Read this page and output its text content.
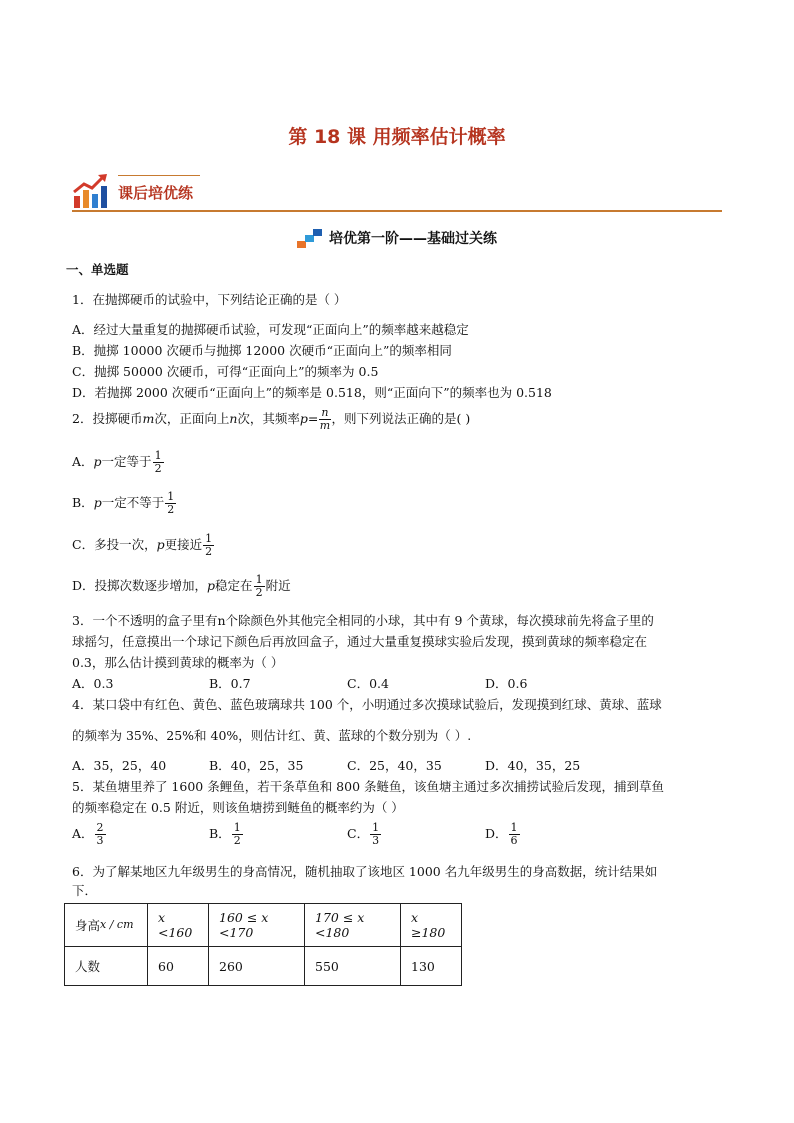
第 18 课 用频率估计概率
课后培优练
培优第一阶——基础过关练
一、单选题
1．在抛掷硬币的试验中，下列结论正确的是（ ）
A．经过大量重复的抛掷硬币试验，可发现“正面向上”的频率越来越稳定
B．抛掷 10000 次硬币与抛掷 12000 次硬币“正面向上”的频率相同
C．抛掷 50000 次硬币，可得“正面向上”的频率为 0.5
D．若抛掷 2000 次硬币“正面向上”的频率是 0.518，则“正面向下”的频率也为 0.518
2．投掷硬币m次，正面向上n次，其频率$p= \frac{n}{m}$ ，则下列说法正确的是( )
A．p一定等于 $\frac{1}{2}$
B．p一定不等于 $\frac{1}{2}$
C．多投一次，p更接近 $\frac{1}{2}$
D．投掷次数逐步增加，p稳定在 $\frac{1}{2}$ 附近
3．一个不透明的盒子里有n个除颜色外其他完全相同的小球，其中有 9 个黄球，每次摸球前先将盒子里的
球摇匀，任意摸出一个球记下颜色后再放回盒子，通过大量重复摸球实验后发现，摸到黄球的频率稳定在
0.3，那么估计摸到黄球的概率为（ ）
A．0.3	B．0.7	C．0.4	D．0.6
4．某口袋中有红色、黄色、蓝色玻璃球共 100 个，小明通过多次摸球试验后，发现摸到红球、黄球、蓝球
的频率为 35%、25%和 40%，则估计红、黄、蓝球的个数分别为（ ）.
A．35，25，40	B．40，25，35	C．25，40，35	D．40，35，25
5．某鱼塘里养了 1600 条鲤鱼，若干条草鱼和 800 条鲢鱼，该鱼塘主通过多次捕捞试验后发现，捕到草鱼
的频率稳定在 0.5 附近，则该鱼塘捞到鲢鱼的概率约为（ ）
A． $\frac{2}{3}$	B． $\frac{1}{2}$	C． $\frac{1}{3}$	D． $\frac{1}{6}$
6．为了解某地区九年级男生的身高情况，随机抽取了该地区 1000 名九年级男生的身高数据，统计结果如
下．
身高x / cm	x <160	160 ≤ x <170	170 ≤ x <180	x ≥180
人数	60	260	550	130
